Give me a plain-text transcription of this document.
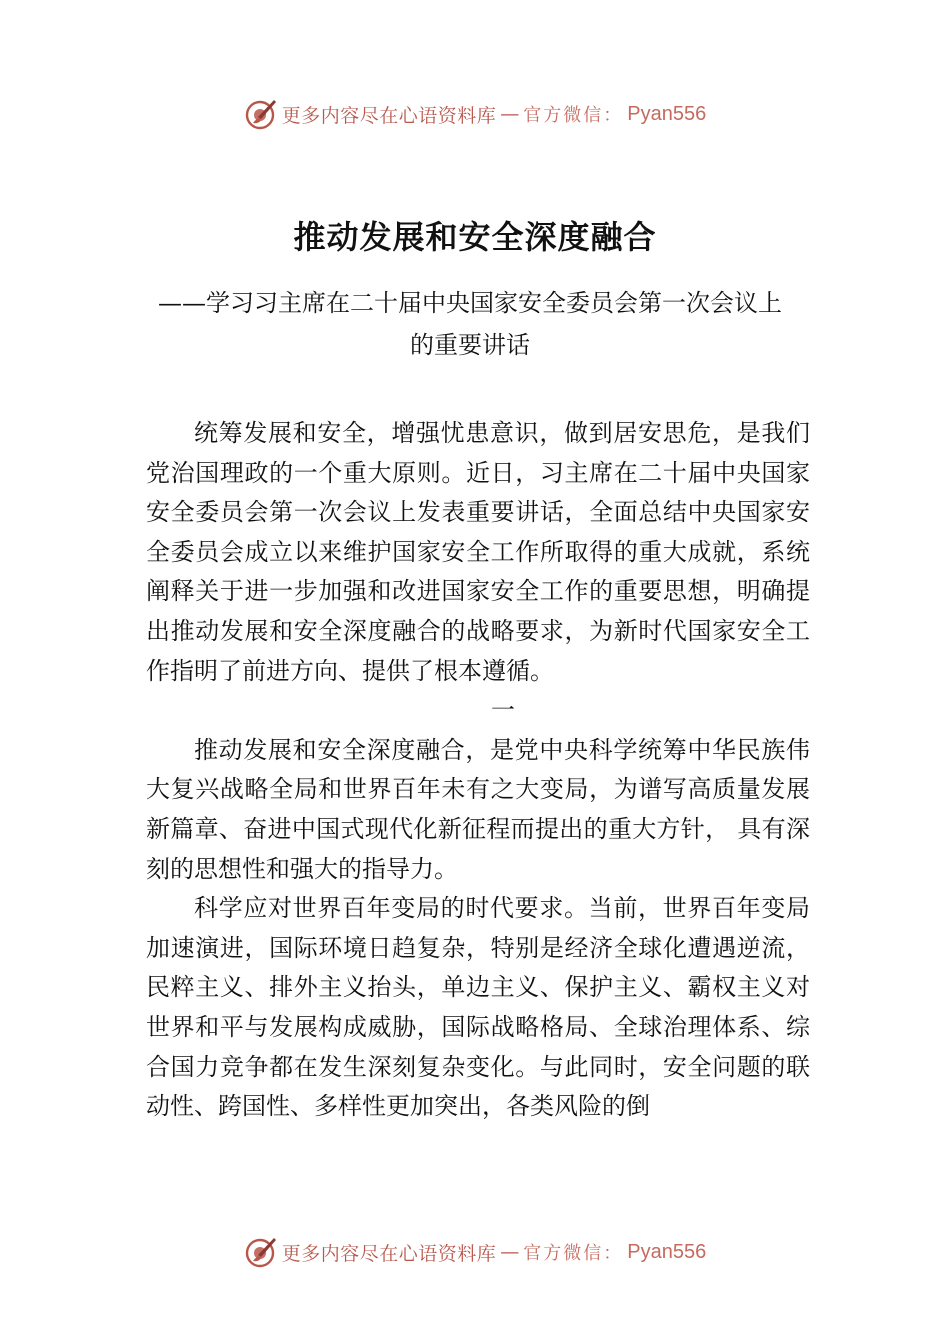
更多内容尽在心语资料库 — 官方微信： Pyan556
推动发展和安全深度融合

——学习习主席在二十届中央国家安全委员会第一次会议上的重要讲话

统筹发展和安全，增强忧患意识，做到居安思危，是我们党治国理政的一个重大原则。近日，习主席在二十届中央国家安全委员会第一次会议上发表重要讲话，全面总结中央国家安全委员会成立以来维护国家安全工作所取得的重大成就，系统阐释关于进一步加强和改进国家安全工作的重要思想，明确提出推动发展和安全深度融合的战略要求，为新时代国家安全工作指明了前进方向、提供了根本遵循。

一

推动发展和安全深度融合，是党中央科学统筹中华民族伟大复兴战略全局和世界百年未有之大变局，为谱写高质量发展新篇章、奋进中国式现代化新征程而提出的重大方针， 具有深刻的思想性和强大的指导力。

科学应对世界百年变局的时代要求。当前，世界百年变局加速演进，国际环境日趋复杂，特别是经济全球化遭遇逆流，民粹主义、排外主义抬头，单边主义、保护主义、霸权主义对世界和平与发展构成威胁，国际战略格局、全球治理体系、综合国力竞争都在发生深刻复杂变化。与此同时，安全问题的联动性、跨国性、多样性更加突出，各类风险的倒

更多内容尽在心语资料库 — 官方微信： Pyan556
